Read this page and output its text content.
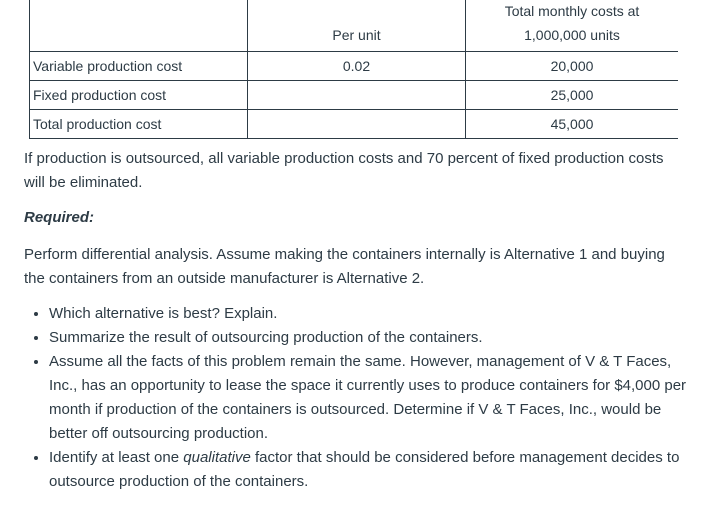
	Per unit	Total monthly costs at
1,000,000 units

Variable production cost	0.02	20,000
Fixed production cost		25,000
Total production cost		45,000

If production is outsourced, all variable production costs and 70 percent of fixed production costs will be eliminated.

Required:

Perform differential analysis. Assume making the containers internally is Alternative 1 and buying the containers from an outside manufacturer is Alternative 2.

• Which alternative is best? Explain.
• Summarize the result of outsourcing production of the containers.
• Assume all the facts of this problem remain the same. However, management of V & T Faces, Inc., has an opportunity to lease the space it currently uses to produce containers for $4,000 per month if production of the containers is outsourced. Determine if V & T Faces, Inc., would be better off outsourcing production.
• Identify at least one qualitative factor that should be considered before management decides to outsource production of the containers.
